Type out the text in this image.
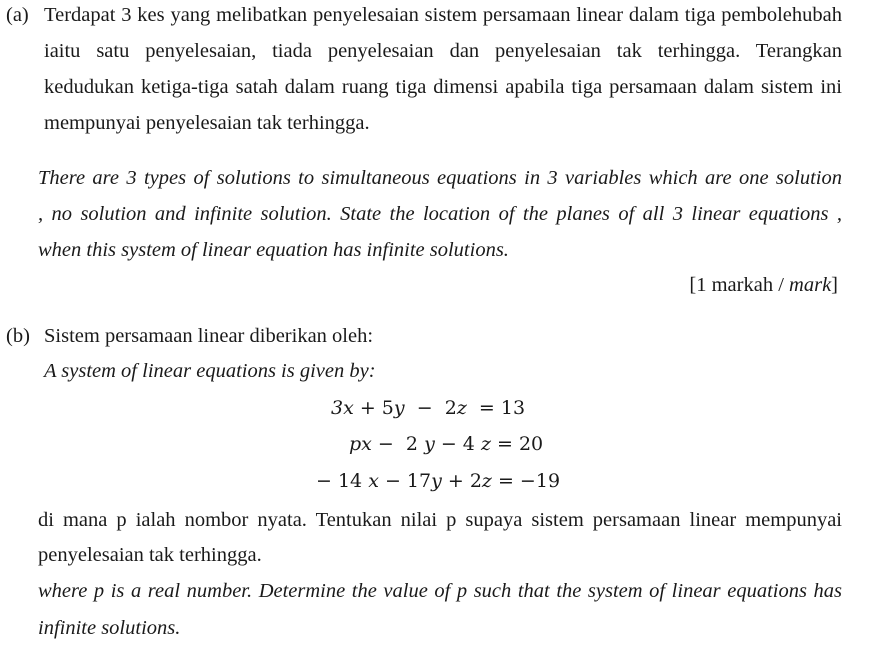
(a) Terdapat 3 kes yang melibatkan penyelesaian sistem persamaan linear dalam tiga pembolehubah
iaitu satu penyelesaian, tiada penyelesaian dan penyelesaian tak terhingga. Terangkan
kedudukan ketiga-tiga satah dalam ruang tiga dimensi apabila tiga persamaan dalam sistem ini
mempunyai penyelesaian tak terhingga.
There are 3 types of solutions to simultaneous equations in 3 variables which are one solution
, no solution and infinite solution. State the location of the planes of all 3 linear equations ,
when this system of linear equation has infinite solutions.
[1 markah / mark]
(b) Sistem persamaan linear diberikan oleh:
A system of linear equations is given by:
3x + 5y  −  2z  = 13
px −  2 y − 4 z = 20
− 14 x − 17y + 2z = −19
di mana p ialah nombor nyata. Tentukan nilai p supaya sistem persamaan linear mempunyai
penyelesaian tak terhingga.
where p is a real number. Determine the value of p such that the system of linear equations has
infinite solutions.
